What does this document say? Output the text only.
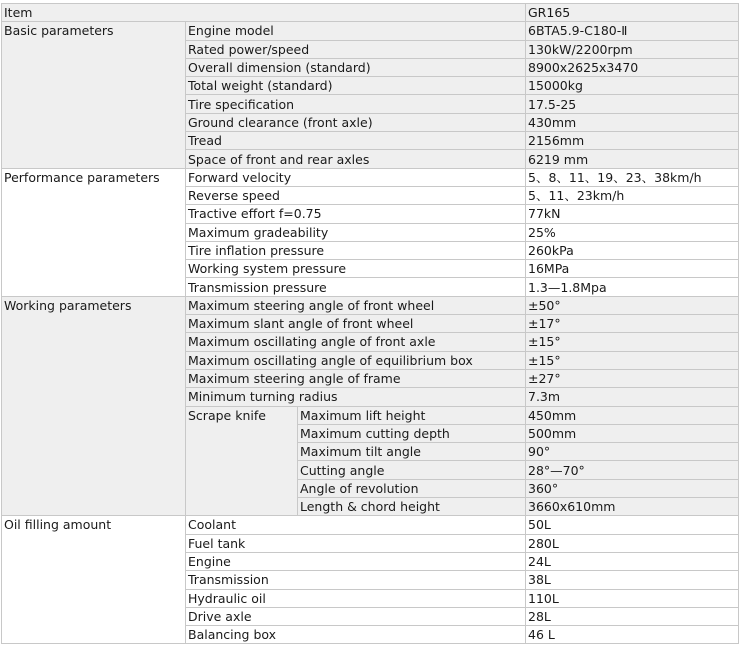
Item			GR165
Basic parameters	Engine model		6BTA5.9-C180-Ⅱ
	Rated power/speed		130kW/2200rpm
	Overall dimension (standard)		8900x2625x3470
	Total weight (standard)		15000kg
	Tire specification		17.5-25
	Ground clearance (front axle)		430mm
	Tread		2156mm
	Space of front and rear axles		6219 mm
Performance parameters	Forward velocity		5、8、11、19、23、38km/h
	Reverse speed		5、11、23km/h
	Tractive effort f=0.75		77kN
	Maximum gradeability		25%
	Tire inflation pressure		260kPa
	Working system pressure		16MPa
	Transmission pressure		1.3—1.8Mpa
Working parameters	Maximum steering angle of front wheel		±50°
	Maximum slant angle of front wheel		±17°
	Maximum oscillating angle of front axle		±15°
	Maximum oscillating angle of equilibrium box		±15°
	Maximum steering angle of frame		±27°
	Minimum turning radius		7.3m
	Scrape knife	Maximum lift height	450mm
		Maximum cutting depth	500mm
		Maximum tilt angle	90°
		Cutting angle	28°—70°
		Angle of revolution	360°
		Length & chord height	3660x610mm
Oil filling amount	Coolant		50L
	Fuel tank		280L
	Engine		24L
	Transmission		38L
	Hydraulic oil		110L
	Drive axle		28L
	Balancing box		46 L
